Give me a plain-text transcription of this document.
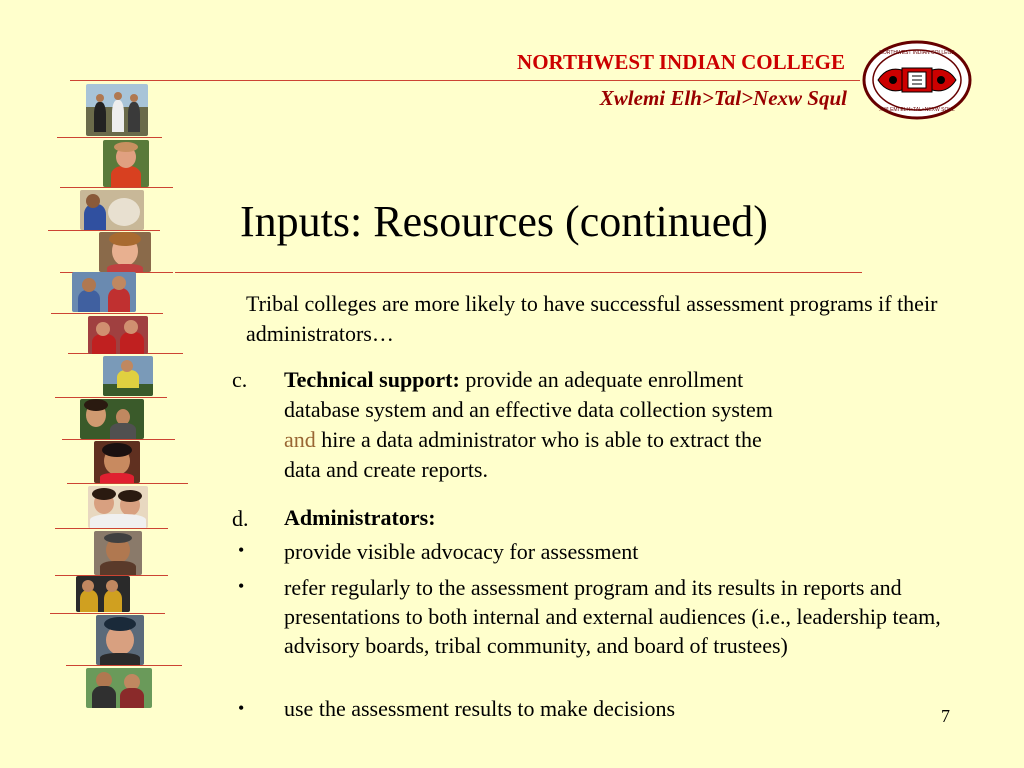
NORTHWEST INDIAN COLLEGE
Xwlemi Elh>Tal>Nexw Squl
NORTHWEST INDIAN COLLEGE
XWLEMI ELH>TAL>NEXW SQUL
Inputs: Resources (continued)
Tribal colleges are more likely to have successful assessment programs if their administrators…
c. Technical support: provide an adequate enrollment
database system and an effective data collection system
and hire a data administrator who is able to extract the
data and create reports.
d. Administrators:
• provide visible advocacy for assessment
• refer regularly to the assessment program and its results in reports and presentations to both internal and external audiences (i.e., leadership team, advisory boards, tribal community, and board of trustees)
• use the assessment results to make decisions	7
